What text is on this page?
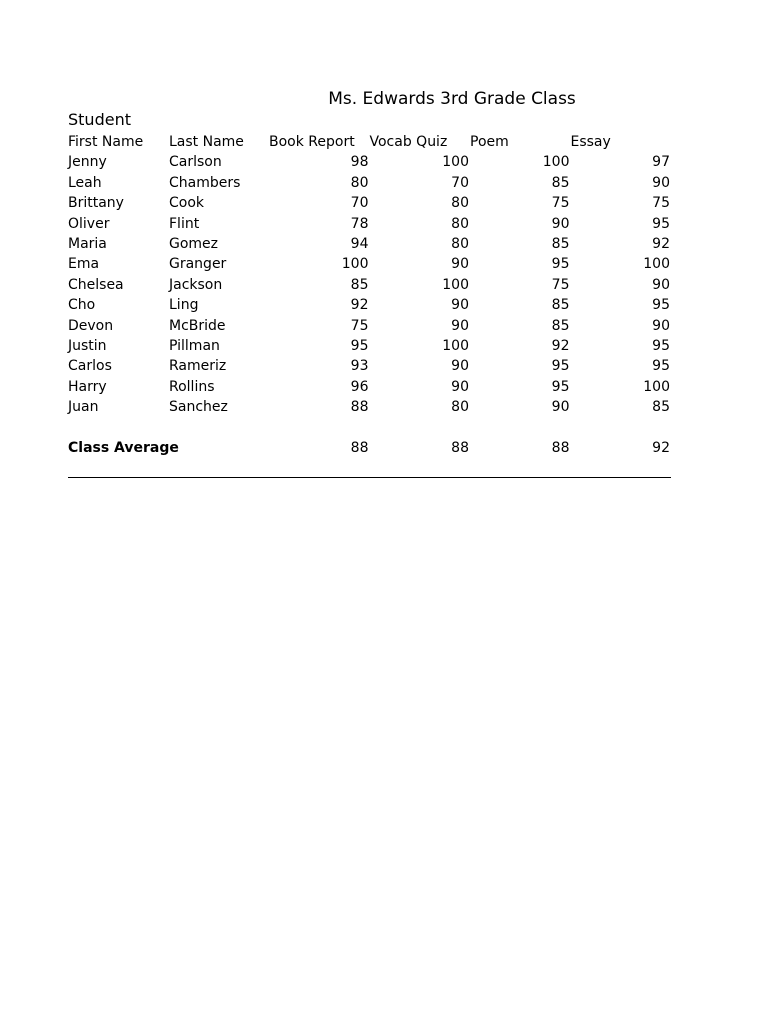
Ms. Edwards 3rd Grade Class
Student
First Name	Last Name	Book Report	Vocab Quiz	Poem	Essay
Jenny	Carlson	98	100	100	97
Leah	Chambers	80	70	85	90
Brittany	Cook	70	80	75	75
Oliver	Flint	78	80	90	95
Maria	Gomez	94	80	85	92
Ema	Granger	100	90	95	100
Chelsea	Jackson	85	100	75	90
Cho	Ling	92	90	85	95
Devon	McBride	75	90	85	90
Justin	Pillman	95	100	92	95
Carlos	Rameriz	93	90	95	95
Harry	Rollins	96	90	95	100
Juan	Sanchez	88	80	90	85

Class Average		88	88	88	92
